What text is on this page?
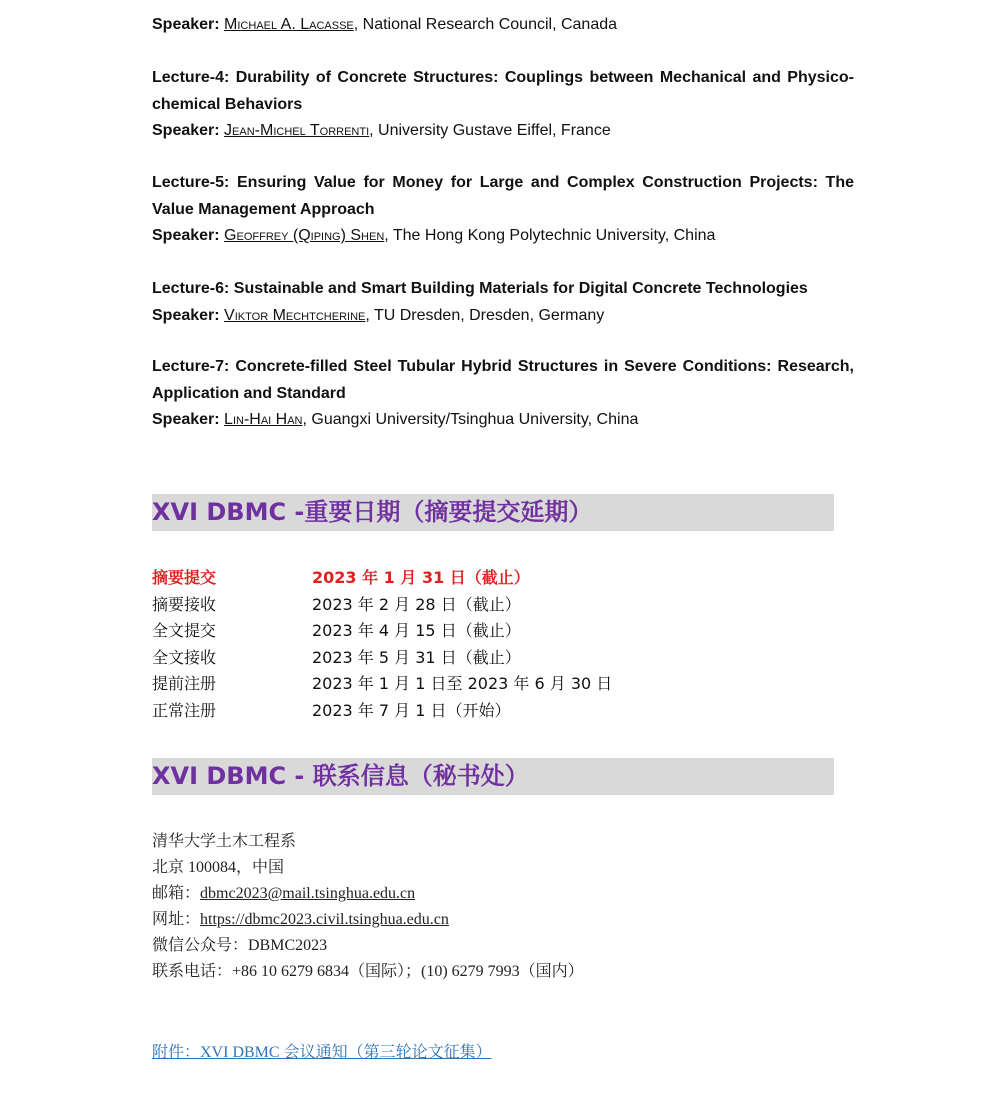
Speaker: Michael A. Lacasse, National Research Council, Canada
Lecture-4: Durability of Concrete Structures: Couplings between Mechanical and Physico-chemical Behaviors
Speaker: Jean-Michel Torrenti, University Gustave Eiffel, France
Lecture-5: Ensuring Value for Money for Large and Complex Construction Projects: The Value Management Approach
Speaker: Geoffrey (Qiping) Shen, The Hong Kong Polytechnic University, China
Lecture-6: Sustainable and Smart Building Materials for Digital Concrete Technologies
Speaker: Viktor Mechtcherine, TU Dresden, Dresden, Germany
Lecture-7: Concrete-filled Steel Tubular Hybrid Structures in Severe Conditions: Research, Application and Standard
Speaker: Lin-Hai Han, Guangxi University/Tsinghua University, China
XVI DBMC -重要日期（摘要提交延期）
摘要提交	2023 年 1 月 31 日（截止）
摘要接收	2023 年 2 月 28 日（截止）
全文提交	2023 年 4 月 15 日（截止）
全文接收	2023 年 5 月 31 日（截止）
提前注册	2023 年 1 月 1 日至 2023 年 6 月 30 日
正常注册	2023 年 7 月 1 日（开始）
XVI DBMC - 联系信息（秘书处）
清华大学土木工程系
北京 100084，中国
邮箱：dbmc2023@mail.tsinghua.edu.cn
网址：https://dbmc2023.civil.tsinghua.edu.cn
微信公众号：DBMC2023
联系电话：+86 10 6279 6834（国际）；(10) 6279 7993（国内）
附件：XVI DBMC 会议通知（第三轮论文征集）
